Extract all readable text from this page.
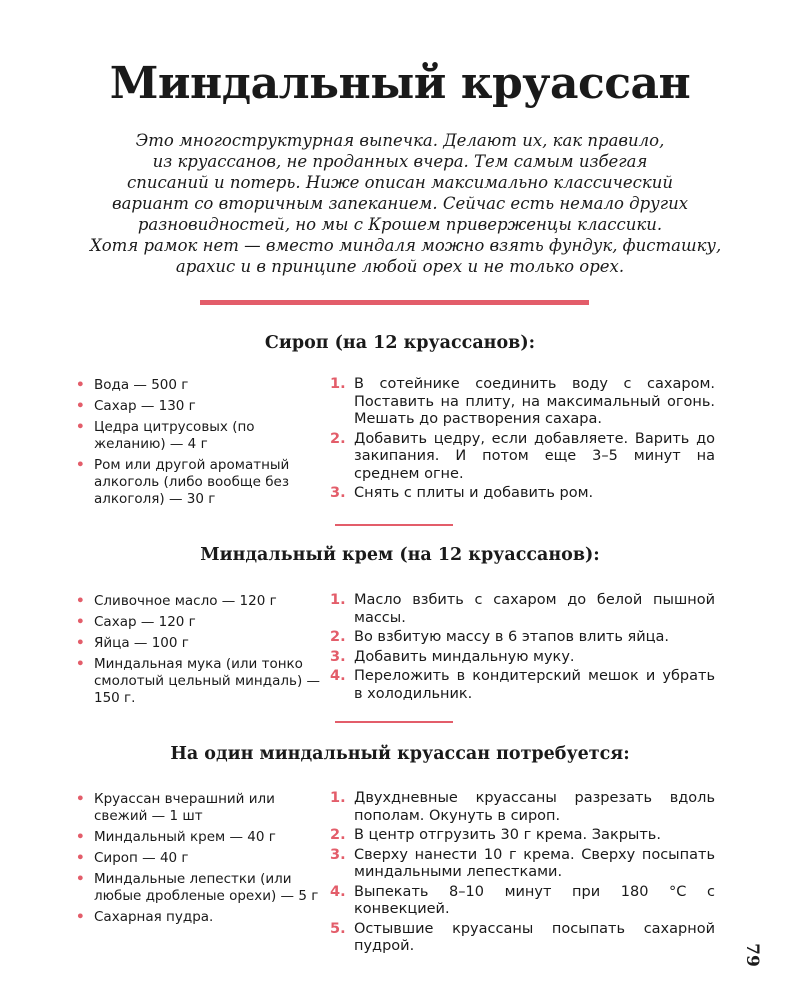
Миндальный круассан

Это многоструктурная выпечка. Делают их, как правило,
из круассанов, не проданных вчера. Тем самым избегая
списаний и потерь. Ниже описан максимально классический
вариант со вторичным запеканием. Сейчас есть немало других
разновидностей, но мы с Крошем приверженцы классики.
Хотя рамок нет — вместо миндаля можно взять фундук, фисташку,
арахис и в принципе любой орех и не только орех.

Сироп (на 12 круассанов):
• Вода — 500 г
• Сахар — 130 г
• Цедра цитрусовых (по желанию) — 4 г
• Ром или другой ароматный алкоголь (либо вообще без алкоголя) — 30 г
1. В сотейнике соединить воду с сахаром. Поставить на плиту, на максимальный огонь. Мешать до растворения сахара.
2. Добавить цедру, если добавляете. Варить до закипания. И потом еще 3–5 минут на среднем огне.
3. Снять с плиты и добавить ром.
Миндальный крем (на 12 круассанов):
• Сливочное масло — 120 г
• Сахар — 120 г
• Яйца — 100 г
• Миндальная мука (или тонко смолотый цельный миндаль) — 150 г.
1. Масло взбить с сахаром до белой пышной массы.
2. Во взбитую массу в 6 этапов влить яйца.
3. Добавить миндальную муку.
4. Переложить в кондитерский мешок и убрать в холодильник.
На один миндальный круассан потребуется:
• Круассан вчерашний или свежий — 1 шт
• Миндальный крем — 40 г
• Сироп — 40 г
• Миндальные лепестки (или любые дробленые орехи) — 5 г
• Сахарная пудра.
1. Двухдневные круассаны разрезать вдоль пополам. Окунуть в сироп.
2. В центр отгрузить 30 г крема. Закрыть.
3. Сверху нанести 10 г крема. Сверху посыпать миндальными лепестками.
4. Выпекать 8–10 минут при 180 °С с конвекцией.
5. Остывшие круассаны посыпать сахарной пудрой.	79
